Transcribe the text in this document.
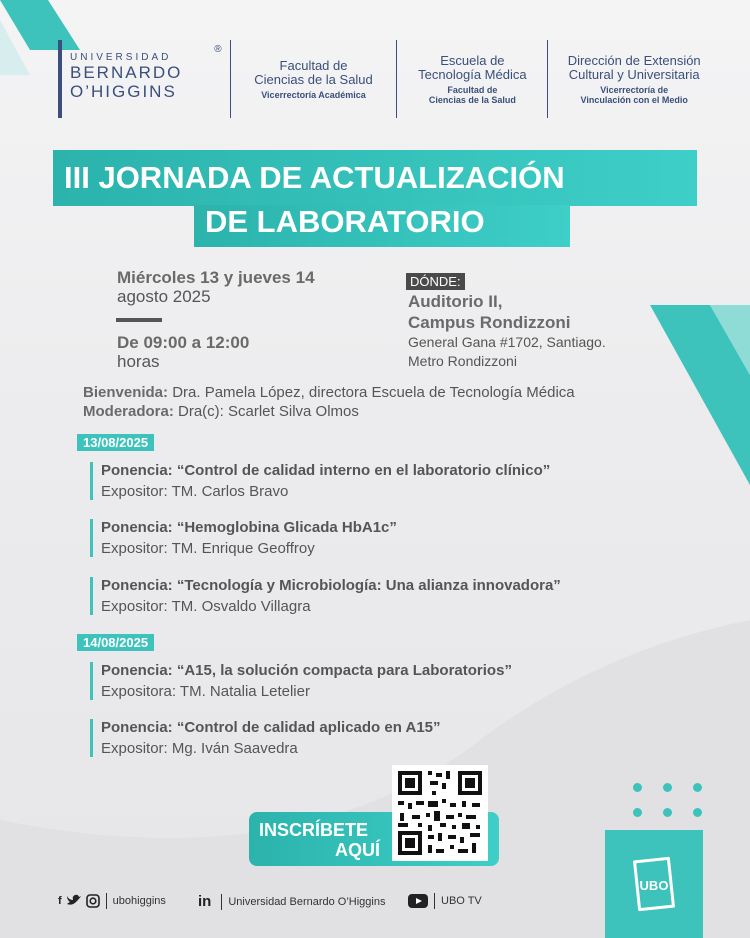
UNIVERSIDAD
BERNARDO
O’HIGGINS
®
Facultad de
Ciencias de la Salud
Vicerrectoría Académica
Escuela de
Tecnología Médica
Facultad de
Ciencias de la Salud
Dirección de Extensión
Cultural y Universitaria
Vicerrectoría de
Vinculación con el Medio
III JORNADA DE ACTUALIZACIÓN
DE LABORATORIO
Miércoles 13 y jueves 14
agosto 2025
De 09:00 a 12:00
horas
DÓNDE:
Auditorio II,
Campus Rondizzoni
General Gana #1702, Santiago.
Metro Rondizzoni
Bienvenida: Dra. Pamela López, directora Escuela de Tecnología Médica
Moderadora: Dra(c): Scarlet Silva Olmos
13/08/2025
Ponencia: “Control de calidad interno en el laboratorio clínico”
Expositor: TM. Carlos Bravo
Ponencia: “Hemoglobina Glicada HbA1c”
Expositor: TM. Enrique Geoffroy
Ponencia: “Tecnología y Microbiología: Una alianza innovadora”
Expositor: TM. Osvaldo Villagra
14/08/2025
Ponencia: “A15, la solución compacta para Laboratorios”
Expositora: TM. Natalia Letelier
Ponencia: “Control de calidad aplicado en A15”
Expositor: Mg. Iván Saavedra
INSCRÍBETE
AQUÍ
f	ubohiggins in Universidad Bernardo O’Higgins	UBO TV
UBO
